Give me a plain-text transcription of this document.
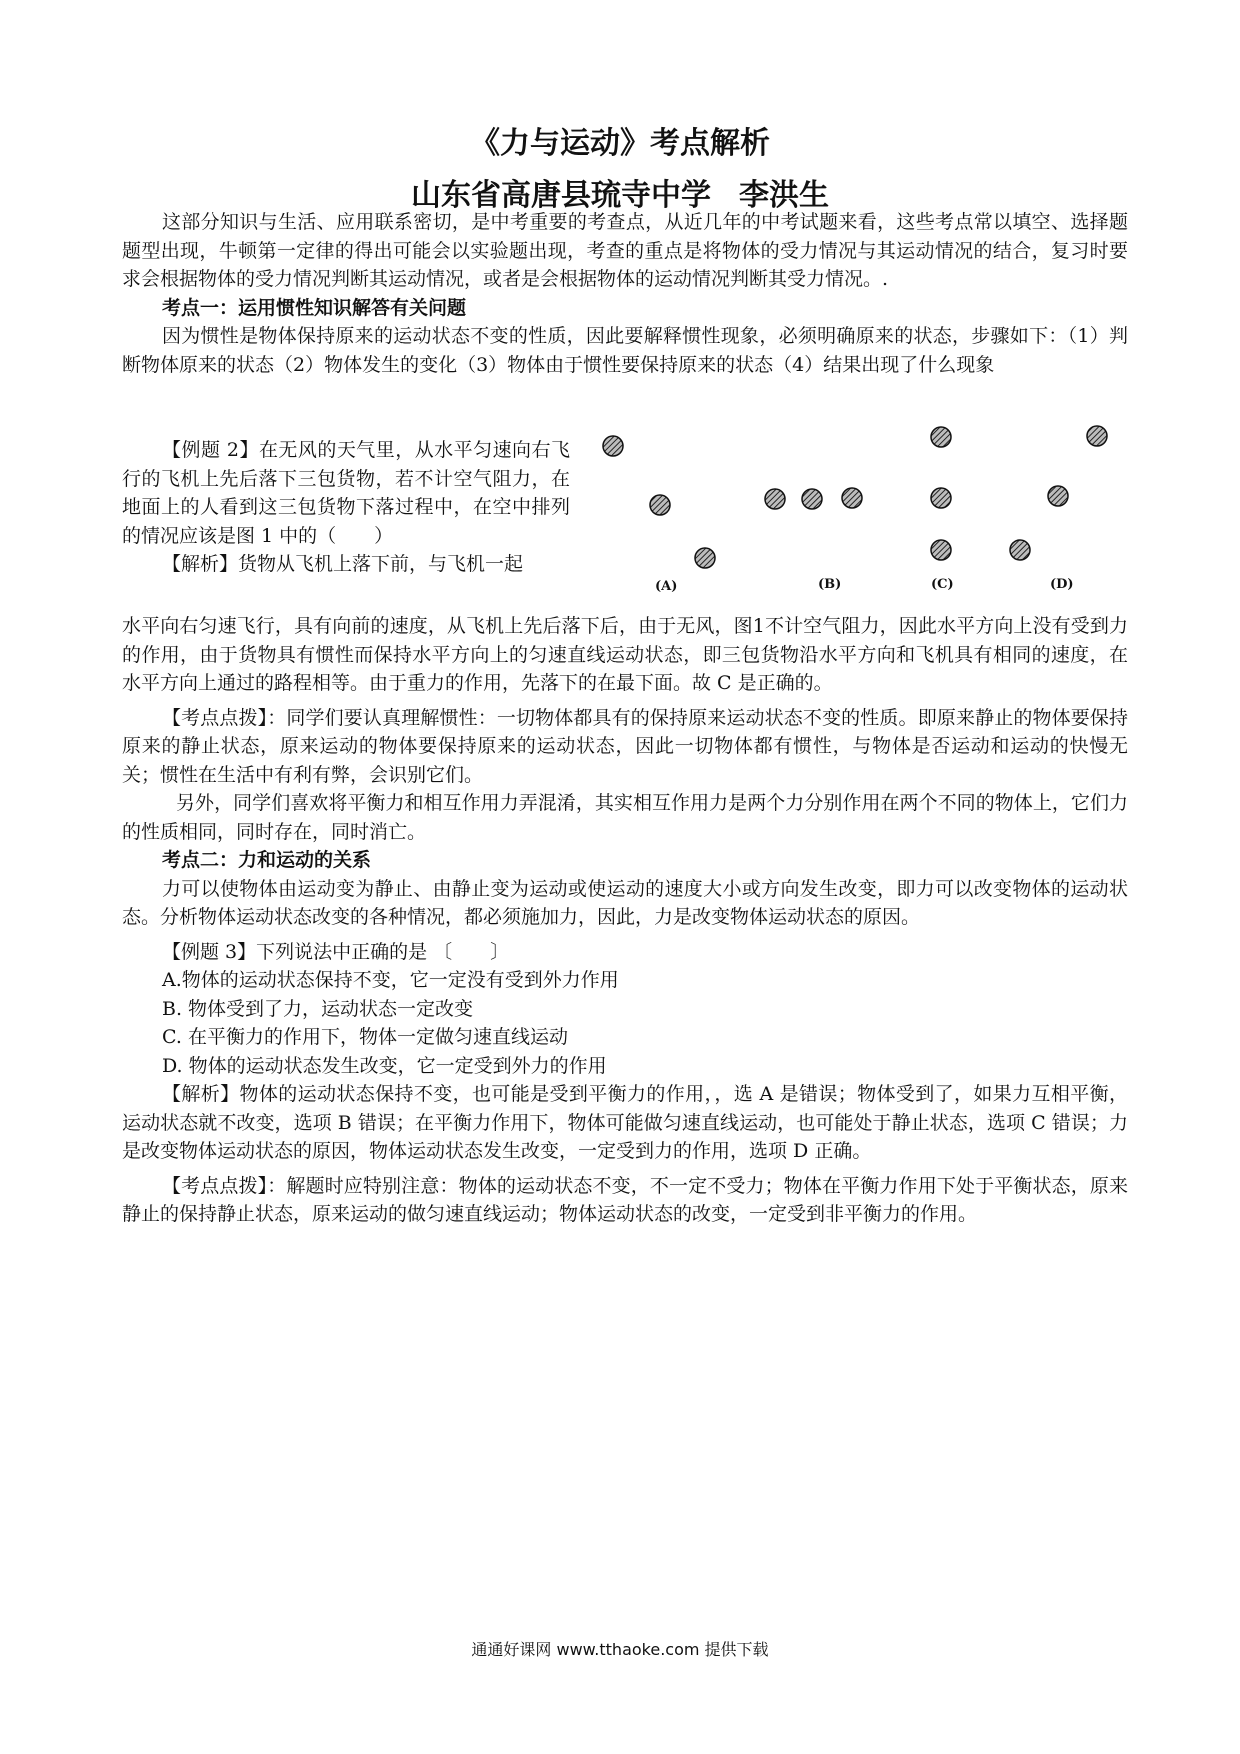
《力与运动》考点解析
山东省高唐县琉寺中学 李洪生

这部分知识与生活、应用联系密切，是中考重要的考查点，从近几年的中考试题来看，这些考点常以填空、选择题题型出现，牛顿第一定律的得出可能会以实验题出现，考查的重点是将物体的受力情况与其运动情况的结合，复习时要求会根据物体的受力情况判断其运动情况，或者是会根据物体的运动情况判断其受力情况。.

考点一：运用惯性知识解答有关问题

因为惯性是物体保持原来的运动状态不变的性质，因此要解释惯性现象，必须明确原来的状态，步骤如下：（1）判断物体原来的状态（2）物体发生的变化（3）物体由于惯性要保持原来的状态（4）结果出现了什么现象

【例题 2】在无风的天气里，从水平匀速向右飞行的飞机上先后落下三包货物，若不计空气阻力，在地面上的人看到这三包货物下落过程中，在空中排列的情况应该是图 1 中的（　　）

【解析】货物从飞机上落下前，与飞机一起

(A)	(B)	(C)	(D)

水平向右匀速飞行，具有向前的速度，从飞机上先后落下后，由于无风，图1不计空气阻力，因此水平方向上没有受到力的作用，由于货物具有惯性而保持水平方向上的匀速直线运动状态，即三包货物沿水平方向和飞机具有相同的速度，在水平方向上通过的路程相等。由于重力的作用，先落下的在最下面。故 C 是正确的。

【考点点拨】：同学们要认真理解惯性：一切物体都具有的保持原来运动状态不变的性质。即原来静止的物体要保持原来的静止状态，原来运动的物体要保持原来的运动状态，因此一切物体都有惯性，与物体是否运动和运动的快慢无关；惯性在生活中有利有弊，会识别它们。

另外，同学们喜欢将平衡力和相互作用力弄混淆，其实相互作用力是两个力分别作用在两个不同的物体上，它们力的性质相同，同时存在，同时消亡。

考点二：力和运动的关系

力可以使物体由运动变为静止、由静止变为运动或使运动的速度大小或方向发生改变，即力可以改变物体的运动状态。分析物体运动状态改变的各种情况，都必须施加力，因此，力是改变物体运动状态的原因。

【例题 3】下列说法中正确的是 〔　　〕

A.物体的运动状态保持不变，它一定没有受到外力作用

B. 物体受到了力，运动状态一定改变

C. 在平衡力的作用下，物体一定做匀速直线运动

D. 物体的运动状态发生改变，它一定受到外力的作用

【解析】物体的运动状态保持不变，也可能是受到平衡力的作用，，选 A 是错误；物体受到了，如果力互相平衡，运动状态就不改变，选项 B 错误；在平衡力作用下，物体可能做匀速直线运动，也可能处于静止状态，选项 C 错误；力是改变物体运动状态的原因，物体运动状态发生改变，一定受到力的作用，选项 D 正确。

【考点点拨】：解题时应特别注意：物体的运动状态不变，不一定不受力；物体在平衡力作用下处于平衡状态，原来静止的保持静止状态，原来运动的做匀速直线运动；物体运动状态的改变，一定受到非平衡力的作用。

通通好课网 www.tthaoke.com 提供下载
